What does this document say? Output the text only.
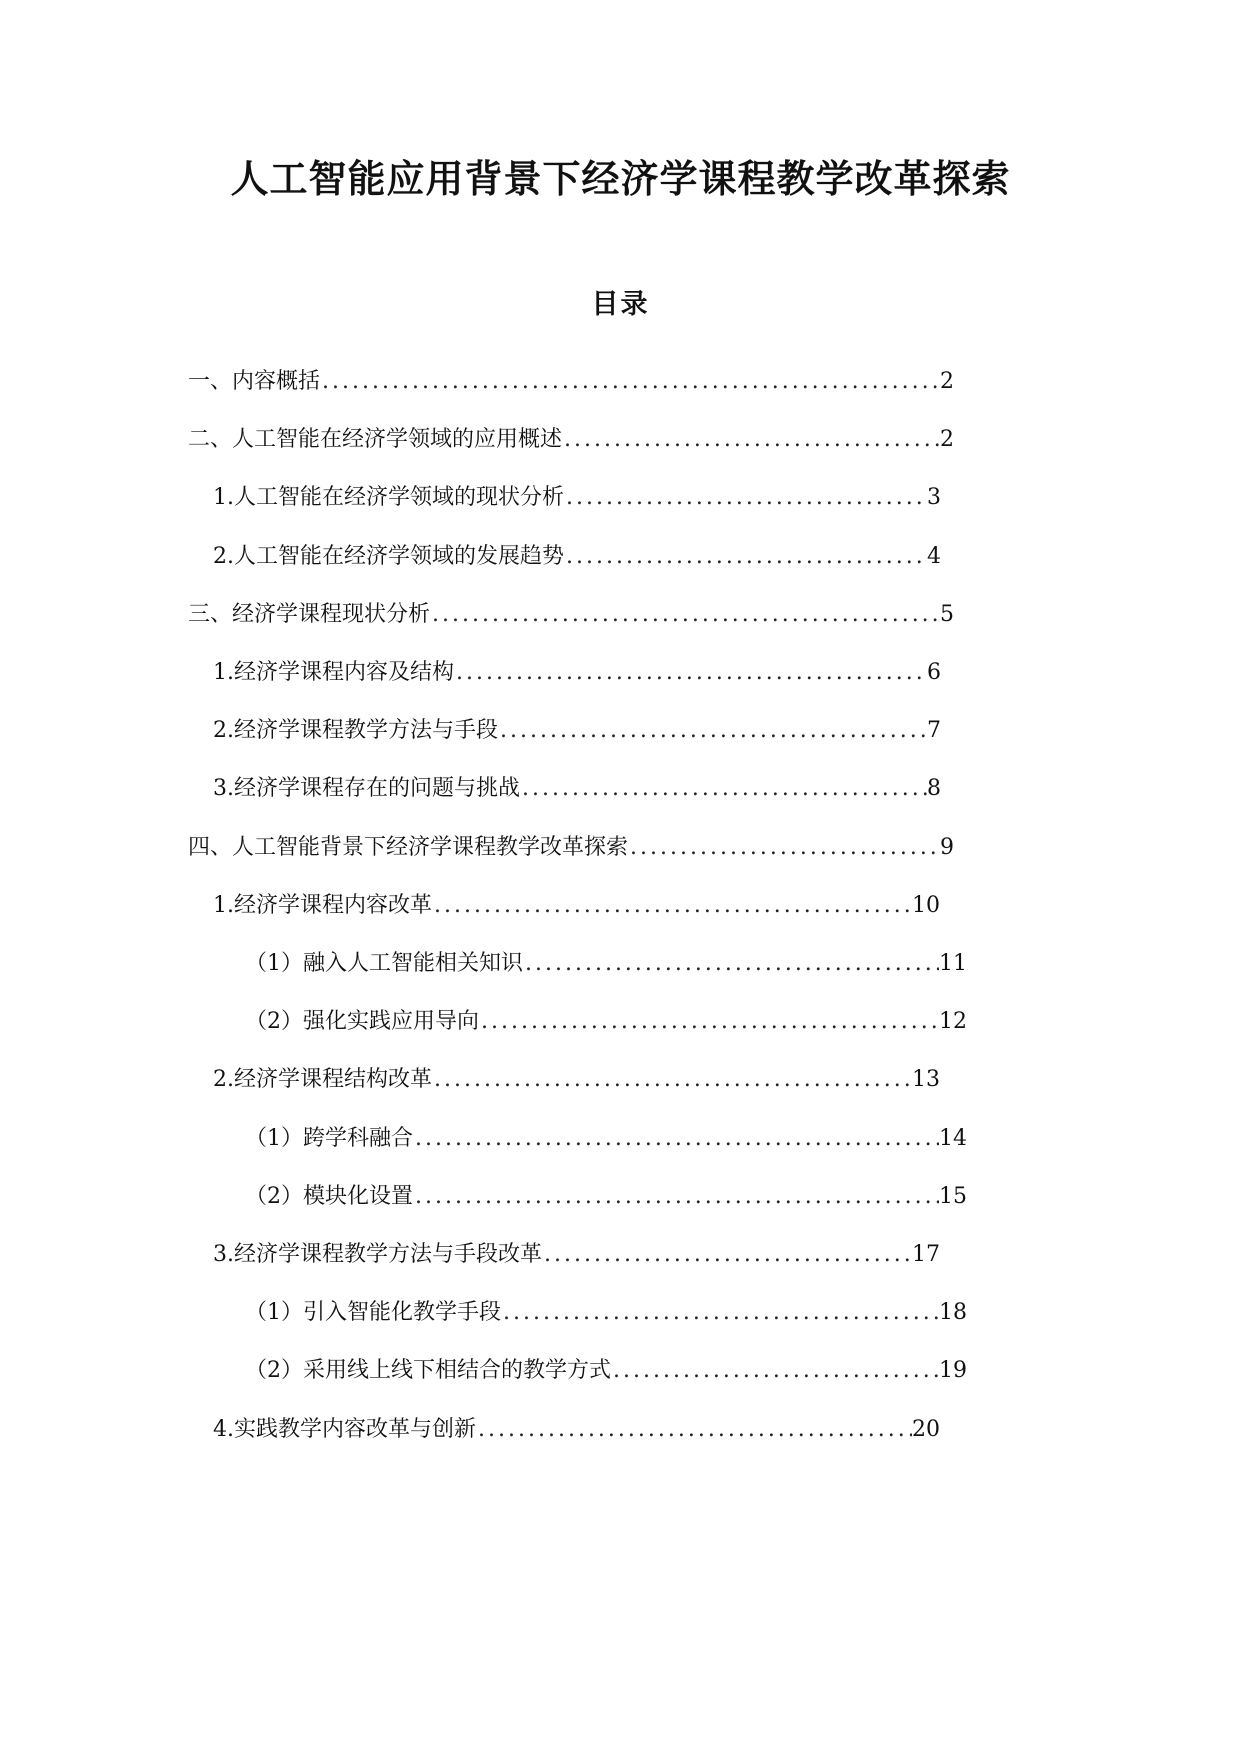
人工智能应用背景下经济学课程教学改革探索
目录
一、内容概括 .....	2
二、人工智能在经济学领域的应用概述 .....	2
1. 人工智能在经济学领域的现状分析 .....	3
2. 人工智能在经济学领域的发展趋势 .....	4
三、经济学课程现状分析 .....	5
1. 经济学课程内容及结构 .....	6
2. 经济学课程教学方法与手段 .....	7
3. 经济学课程存在的问题与挑战 .....	8
四、人工智能背景下经济学课程教学改革探索 .....	9
1. 经济学课程内容改革 .....	10
（1）融入人工智能相关知识 .....	11
（2）强化实践应用导向 .....	12
2. 经济学课程结构改革 .....	13
（1）跨学科融合 .....	14
（2）模块化设置 .....	15
3. 经济学课程教学方法与手段改革 .....	17
（1）引入智能化教学手段 .....	18
（2）采用线上线下相结合的教学方式 .....	19
4. 实践教学内容改革与创新 .....	20
